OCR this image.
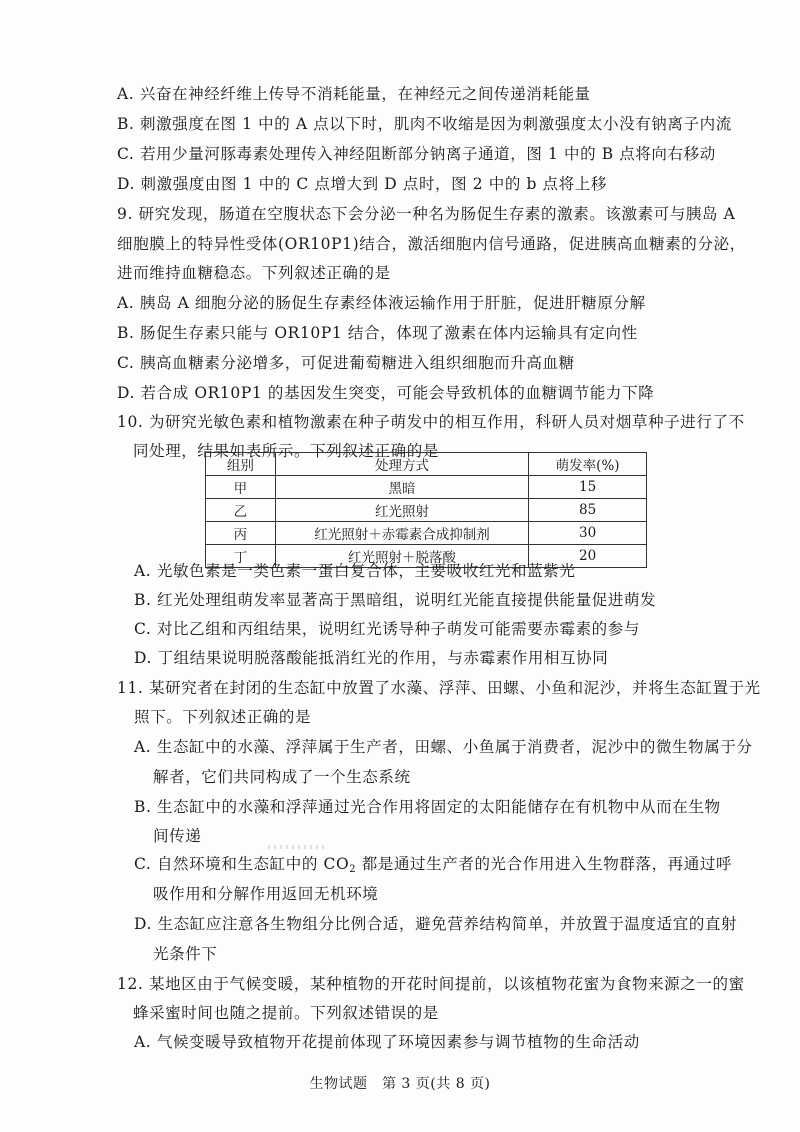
A. 兴奋在神经纤维上传导不消耗能量，在神经元之间传递消耗能量
B. 刺激强度在图 1 中的 A 点以下时，肌肉不收缩是因为刺激强度太小没有钠离子内流
C. 若用少量河豚毒素处理传入神经阻断部分钠离子通道，图 1 中的 B 点将向右移动
D. 刺激强度由图 1 中的 C 点增大到 D 点时，图 2 中的 b 点将上移
9. 研究发现，肠道在空腹状态下会分泌一种名为肠促生存素的激素。该激素可与胰岛 A
细胞膜上的特异性受体(OR10P1)结合，激活细胞内信号通路，促进胰高血糖素的分泌，
进而维持血糖稳态。下列叙述正确的是
A. 胰岛 A 细胞分泌的肠促生存素经体液运输作用于肝脏，促进肝糖原分解
B. 肠促生存素只能与 OR10P1 结合，体现了激素在体内运输具有定向性
C. 胰高血糖素分泌增多，可促进葡萄糖进入组织细胞而升高血糖
D. 若合成 OR10P1 的基因发生突变，可能会导致机体的血糖调节能力下降
10. 为研究光敏色素和植物激素在种子萌发中的相互作用，科研人员对烟草种子进行了不
同处理，结果如表所示。下列叙述正确的是
组别	处理方式	萌发率(%)
甲	黑暗	15
乙	红光照射	85
丙	红光照射＋赤霉素合成抑制剂	30
丁	红光照射＋脱落酸	20
A. 光敏色素是一类色素一蛋白复合体，主要吸收红光和蓝紫光
B. 红光处理组萌发率显著高于黑暗组，说明红光能直接提供能量促进萌发
C. 对比乙组和丙组结果，说明红光诱导种子萌发可能需要赤霉素的参与
D. 丁组结果说明脱落酸能抵消红光的作用，与赤霉素作用相互协同
11. 某研究者在封闭的生态缸中放置了水藻、浮萍、田螺、小鱼和泥沙，并将生态缸置于光
照下。下列叙述正确的是
A. 生态缸中的水藻、浮萍属于生产者，田螺、小鱼属于消费者，泥沙中的微生物属于分
解者，它们共同构成了一个生态系统
B. 生态缸中的水藻和浮萍通过光合作用将固定的太阳能储存在有机物中从而在生物
间传递
C. 自然环境和生态缸中的 $CO_2$ 都是通过生产者的光合作用进入生物群落，再通过呼
吸作用和分解作用返回无机环境
D. 生态缸应注意各生物组分比例合适，避免营养结构简单，并放置于温度适宜的直射
光条件下
12. 某地区由于气候变暖，某种植物的开花时间提前，以该植物花蜜为食物来源之一的蜜
蜂采蜜时间也随之提前。下列叙述错误的是
生物试题　第 3 页(共 8 页)
A. 气候变暖导致植物开花提前体现了环境因素参与调节植物的生命活动
